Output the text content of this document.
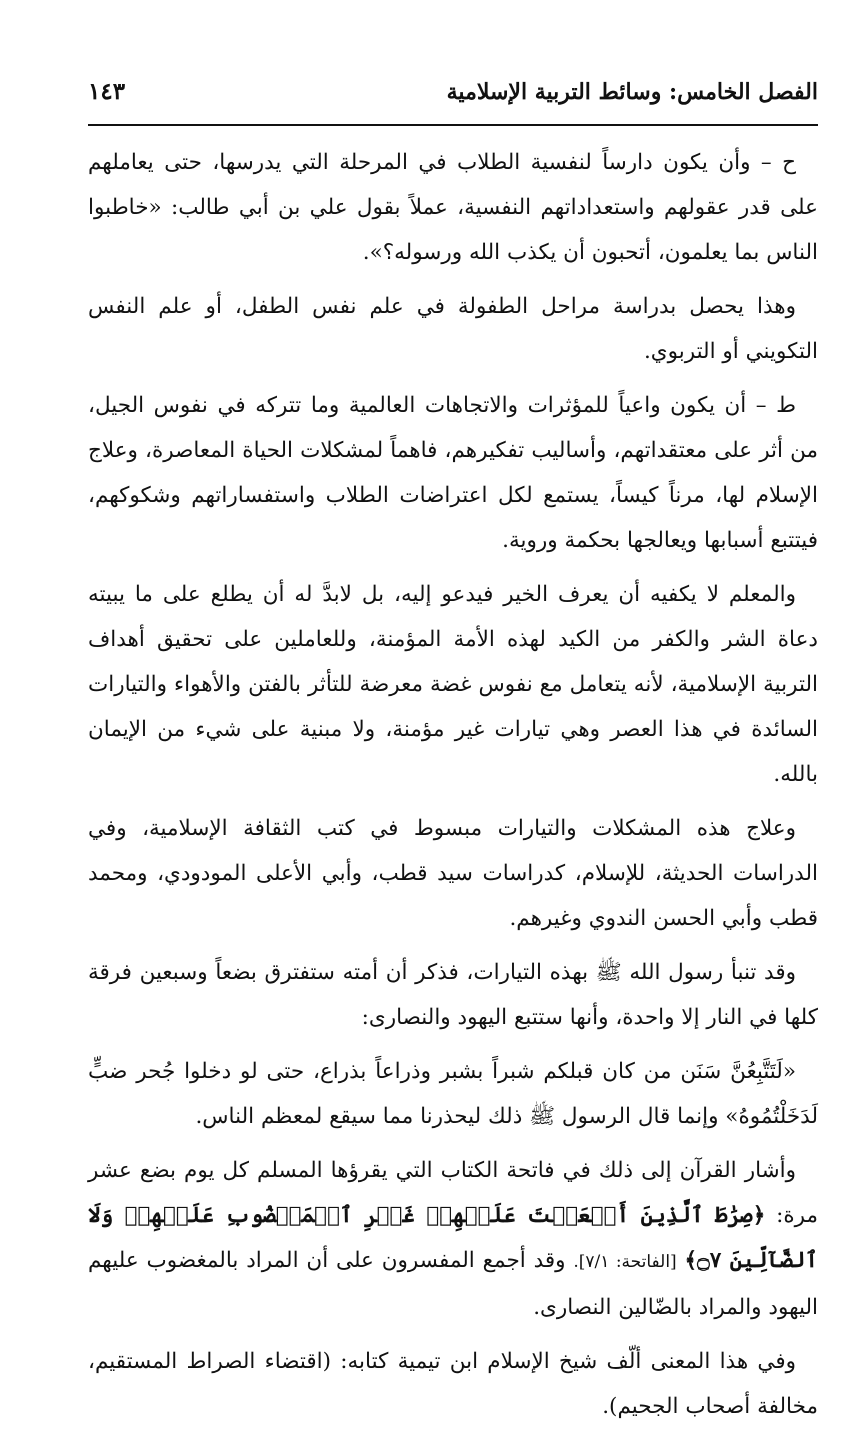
الفصل الخامس: وسائط التربية الإسلامية
١٤٣

ح – وأن يكون دارساً لنفسية الطلاب في المرحلة التي يدرسها، حتى يعاملهم على قدر عقولهم واستعداداتهم النفسية، عملاً بقول علي بن أبي طالب: «خاطبوا الناس بما يعلمون، أتحبون أن يكذب الله ورسوله؟».

وهذا يحصل بدراسة مراحل الطفولة في علم نفس الطفل، أو علم النفس التكويني أو التربوي.

ط – أن يكون واعياً للمؤثرات والاتجاهات العالمية وما تتركه في نفوس الجيل، من أثر على معتقداتهم، وأساليب تفكيرهم، فاهماً لمشكلات الحياة المعاصرة، وعلاج الإسلام لها، مرناً كيساً، يستمع لكل اعتراضات الطلاب واستفساراتهم وشكوكهم، فيتتبع أسبابها ويعالجها بحكمة وروية.

والمعلم لا يكفيه أن يعرف الخير فيدعو إليه، بل لابدَّ له أن يطلع على ما يبيته دعاة الشر والكفر من الكيد لهذه الأمة المؤمنة، وللعاملين على تحقيق أهداف التربية الإسلامية، لأنه يتعامل مع نفوس غضة معرضة للتأثر بالفتن والأهواء والتيارات السائدة في هذا العصر وهي تيارات غير مؤمنة، ولا مبنية على شيء من الإيمان بالله.

وعلاج هذه المشكلات والتيارات مبسوط في كتب الثقافة الإسلامية، وفي الدراسات الحديثة، للإسلام، كدراسات سيد قطب، وأبي الأعلى المودودي، ومحمد قطب وأبي الحسن الندوي وغيرهم.

وقد تنبأ رسول الله ﷺ بهذه التيارات، فذكر أن أمته ستفترق بضعاً وسبعين فرقة كلها في النار إلا واحدة، وأنها ستتبع اليهود والنصارى:

«لَتَتَّبِعُنَّ سَنَن من كان قبلكم شبراً بشبر وذراعاً بذراع، حتى لو دخلوا جُحر ضبٍّ لَدَخَلْتُمُوهُ» وإنما قال الرسول ﷺ ذلك ليحذرنا مما سيقع لمعظم الناس.

وأشار القرآن إلى ذلك في فاتحة الكتاب التي يقرؤها المسلم كل يوم بضع عشر مرة: ﴿صِرَٰطَ ٱلَّذِينَ أَنۡعَمۡتَ عَلَيۡهِمۡ غَيۡرِ ٱلۡمَغۡضُوبِ عَلَيۡهِمۡ وَلَا ٱلضَّآلِّينَ ۝٧﴾ [الفاتحة: ٧/١]. وقد أجمع المفسرون على أن المراد بالمغضوب عليهم اليهود والمراد بالضّالين النصارى.

وفي هذا المعنى ألّف شيخ الإسلام ابن تيمية كتابه: (اقتضاء الصراط المستقيم، مخالفة أصحاب الجحيم).
